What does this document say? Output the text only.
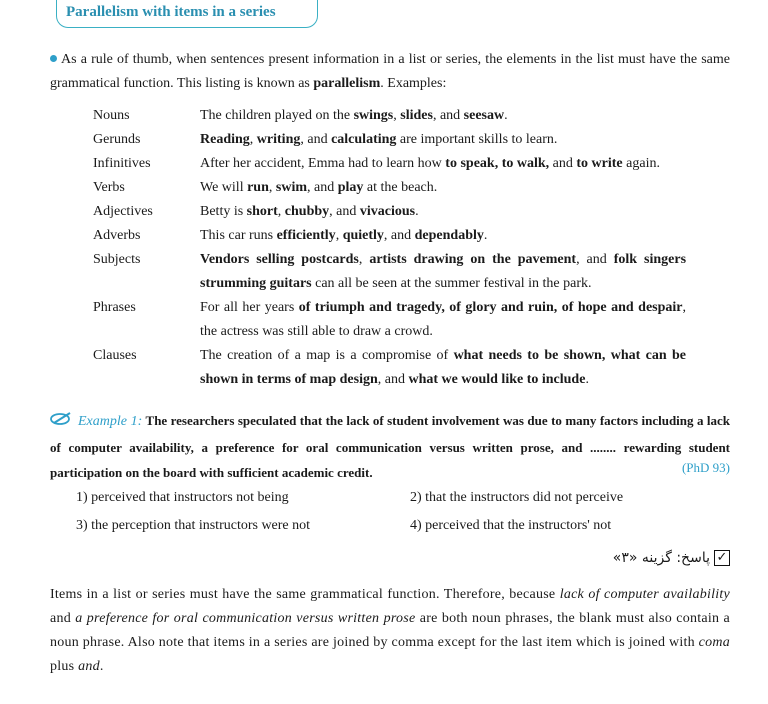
Parallelism with items in a series
As a rule of thumb, when sentences present information in a list or series, the elements in the list must have the same grammatical function. This listing is known as parallelism. Examples:
Nouns	The children played on the swings, slides, and seesaw.
Gerunds	Reading, writing, and calculating are important skills to learn.
Infinitives	After her accident, Emma had to learn how to speak, to walk, and to write again.
Verbs	We will run, swim, and play at the beach.
Adjectives	Betty is short, chubby, and vivacious.
Adverbs	This car runs efficiently, quietly, and dependably.
Subjects	Vendors selling postcards, artists drawing on the pavement, and folk singers strumming guitars can all be seen at the summer festival in the park.
Phrases	For all her years of triumph and tragedy, of glory and ruin, of hope and despair, the actress was still able to draw a crowd.
Clauses	The creation of a map is a compromise of what needs to be shown, what can be shown in terms of map design, and what we would like to include.
Example 1: The researchers speculated that the lack of student involvement was due to many factors including a lack of computer availability, a preference for oral communication versus written prose, and ........ rewarding student participation on the board with sufficient academic credit.	(PhD 93)
1) perceived that instructors not being	2) that the instructors did not perceive
3) the perception that instructors were not	4) perceived that the instructors' not
✓
پاسخ: گزینه «۳»
Items in a list or series must have the same grammatical function. Therefore, because lack of computer availability and a preference for oral communication versus written prose are both noun phrases, the blank must also contain a noun phrase. Also note that items in a series are joined by comma except for the last item which is joined with coma plus and.
